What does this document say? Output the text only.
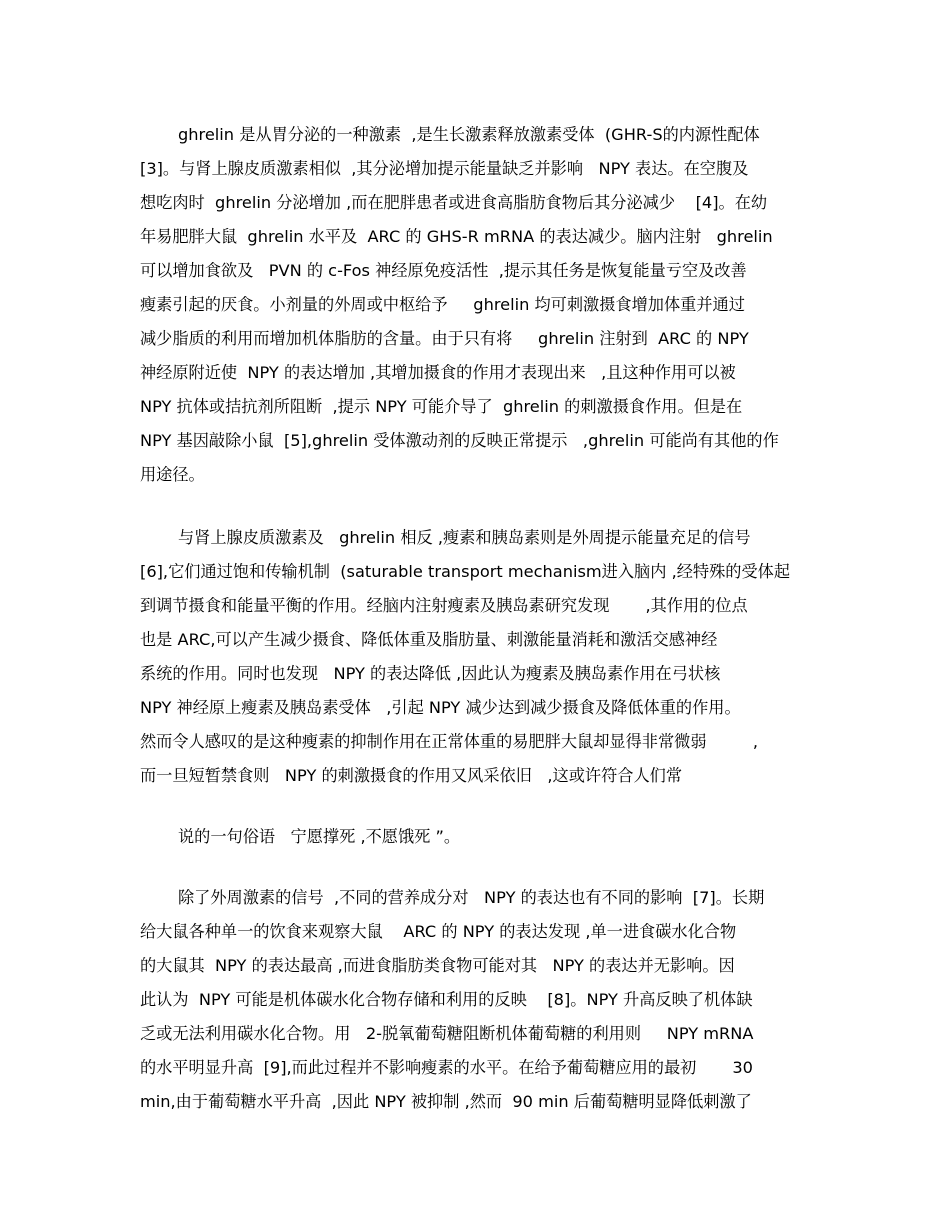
ghrelin 是从胃分泌的一种激素  ,是生长激素释放激素受体  (GHR-S的内源性配体
[3]。与肾上腺皮质激素相似  ,其分泌增加提示能量缺乏并影响   NPY 表达。在空腹及
想吃肉时  ghrelin 分泌增加 ,而在肥胖患者或进食高脂肪食物后其分泌减少    [4]。在幼
年易肥胖大鼠  ghrelin 水平及  ARC 的 GHS-R mRNA 的表达减少。脑内注射   ghrelin
可以增加食欲及   PVN 的 c-Fos 神经原免疫活性  ,提示其任务是恢复能量亏空及改善
瘦素引起的厌食。小剂量的外周或中枢给予     ghrelin 均可刺激摄食增加体重并通过
减少脂质的利用而增加机体脂肪的含量。由于只有将     ghrelin 注射到  ARC 的 NPY
神经原附近使  NPY 的表达增加 ,其增加摄食的作用才表现出来   ,且这种作用可以被
NPY 抗体或拮抗剂所阻断  ,提示 NPY 可能介导了  ghrelin 的刺激摄食作用。但是在
NPY 基因敲除小鼠  [5],ghrelin 受体激动剂的反映正常提示   ,ghrelin 可能尚有其他的作
用途径。
与肾上腺皮质激素及   ghrelin 相反 ,瘦素和胰岛素则是外周提示能量充足的信号
[6],它们通过饱和传输机制  (saturable transport mechanism进入脑内 ,经特殊的受体起
到调节摄食和能量平衡的作用。经脑内注射瘦素及胰岛素研究发现       ,其作用的位点
也是 ARC,可以产生减少摄食、降低体重及脂肪量、刺激能量消耗和激活交感神经
系统的作用。同时也发现   NPY 的表达降低 ,因此认为瘦素及胰岛素作用在弓状核
NPY 神经原上瘦素及胰岛素受体   ,引起 NPY 减少达到减少摄食及降低体重的作用。
然而令人感叹的是这种瘦素的抑制作用在正常体重的易肥胖大鼠却显得非常微弱         ,
而一旦短暂禁食则   NPY 的刺激摄食的作用又风采依旧   ,这或许符合人们常
说的一句俗语   宁愿撑死 ,不愿饿死 ”。
除了外周激素的信号  ,不同的营养成分对   NPY 的表达也有不同的影响  [7]。长期
给大鼠各种单一的饮食来观察大鼠    ARC 的 NPY 的表达发现 ,单一进食碳水化合物
的大鼠其  NPY 的表达最高 ,而进食脂肪类食物可能对其   NPY 的表达并无影响。因
此认为  NPY 可能是机体碳水化合物存储和利用的反映    [8]。NPY 升高反映了机体缺
乏或无法利用碳水化合物。用   2-脱氧葡萄糖阻断机体葡萄糖的利用则     NPY mRNA
的水平明显升高  [9],而此过程并不影响瘦素的水平。在给予葡萄糖应用的最初       30
min,由于葡萄糖水平升高  ,因此 NPY 被抑制 ,然而  90 min 后葡萄糖明显降低刺激了
